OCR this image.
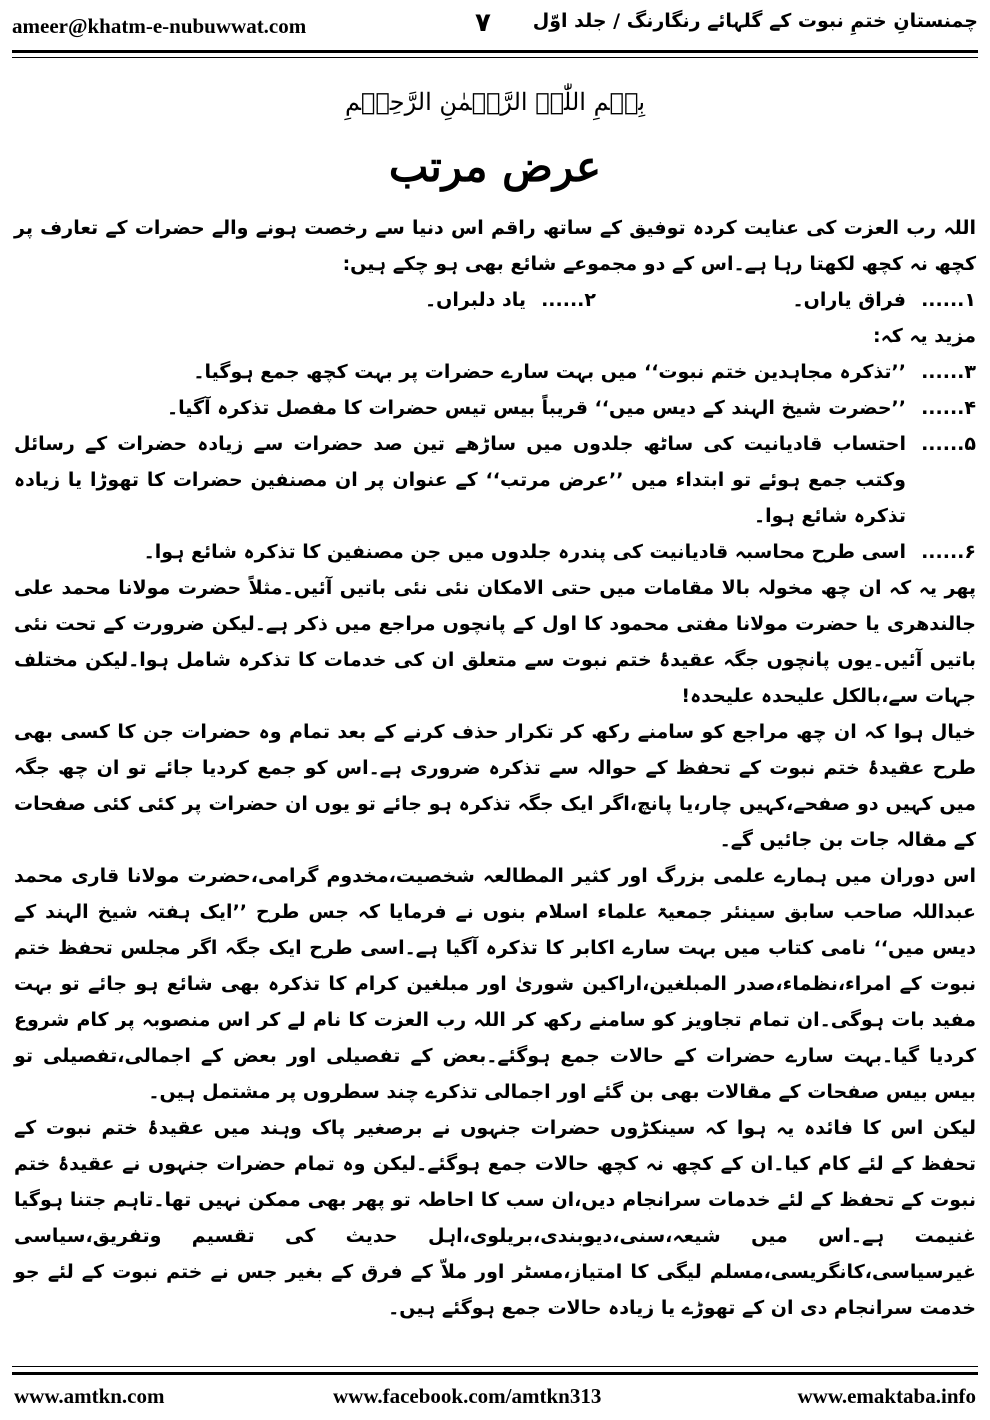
ameer@khatm-e-nubuwwat.com	۷ چمنستانِ ختمِ نبوت کے گلہائے رنگارنگ / جلد اوّل
بِسۡمِ اللّٰہِ الرَّحۡمٰنِ الرَّحِیۡمِ
عرض مرتب

اللہ رب العزت کی عنایت کردہ توفیق کے ساتھ راقم اس دنیا سے رخصت ہونے والے حضرات کے تعارف پر کچھ نہ کچھ لکھتا رہا ہے۔اس کے دو مجموعے شائع بھی ہو چکے ہیں:

۱......
فراق یاراں۔
۲......
یاد دلبراں۔

مزید یہ کہ:

۳......
’’تذکرہ مجاہدین ختم نبوت‘‘ میں بہت سارے حضرات پر بہت کچھ جمع ہوگیا۔
۴......
’’حضرت شیخ الہند کے دیس میں‘‘ قریباً بیس تیس حضرات کا مفصل تذکرہ آگیا۔
۵......
احتساب قادیانیت کی ساٹھ جلدوں میں ساڑھے تین صد حضرات سے زیادہ حضرات کے رسائل وکتب جمع ہوئے تو ابتداء میں ’’عرض مرتب‘‘ کے عنوان پر ان مصنفین حضرات کا تھوڑا یا زیادہ تذکرہ شائع ہوا۔
۶......
اسی طرح محاسبہ قادیانیت کی پندرہ جلدوں میں جن مصنفین کا تذکرہ شائع ہوا۔

پھر یہ کہ ان چھ مخولہ بالا مقامات میں حتی الامکان نئی نئی باتیں آئیں۔مثلاً حضرت مولانا محمد علی جالندھری یا حضرت مولانا مفتی محمود کا اول کے پانچوں مراجع میں ذکر ہے۔لیکن ضرورت کے تحت نئی باتیں آئیں۔یوں پانچوں جگہ عقیدۂ ختم نبوت سے متعلق ان کی خدمات کا تذکرہ شامل ہوا۔لیکن مختلف جہات سے،بالکل علیحدہ علیحدہ!

خیال ہوا کہ ان چھ مراجع کو سامنے رکھ کر تکرار حذف کرنے کے بعد تمام وہ حضرات جن کا کسی بھی طرح عقیدۂ ختم نبوت کے تحفظ کے حوالہ سے تذکرہ ضروری ہے۔اس کو جمع کردیا جائے تو ان چھ جگہ میں کہیں دو صفحے،کہیں چار،یا پانچ،اگر ایک جگہ تذکرہ ہو جائے تو یوں ان حضرات پر کئی کئی صفحات کے مقالہ جات بن جائیں گے۔

اس دوران میں ہمارے علمی بزرگ اور کثیر المطالعہ شخصیت،مخدوم گرامی،حضرت مولانا قاری محمد عبداللہ صاحب سابق سینئر جمعیۃ علماء اسلام بنوں نے فرمایا کہ جس طرح ’’ایک ہفتہ شیخ الہند کے دیس میں‘‘ نامی کتاب میں بہت سارے اکابر کا تذکرہ آگیا ہے۔اسی طرح ایک جگہ اگر مجلس تحفظ ختم نبوت کے امراء،نظماء،صدر المبلغین،اراکین شوریٰ اور مبلغین کرام کا تذکرہ بھی شائع ہو جائے تو بہت مفید بات ہوگی۔ان تمام تجاویز کو سامنے رکھ کر اللہ رب العزت کا نام لے کر اس منصوبہ پر کام شروع کردیا گیا۔بہت سارے حضرات کے حالات جمع ہوگئے۔بعض کے تفصیلی اور بعض کے اجمالی،تفصیلی تو بیس بیس صفحات کے مقالات بھی بن گئے اور اجمالی تذکرے چند سطروں پر مشتمل ہیں۔

لیکن اس کا فائدہ یہ ہوا کہ سینکڑوں حضرات جنہوں نے برصغیر پاک وہند میں عقیدۂ ختم نبوت کے تحفظ کے لئے کام کیا۔ان کے کچھ نہ کچھ حالات جمع ہوگئے۔لیکن وہ تمام حضرات جنہوں نے عقیدۂ ختم نبوت کے تحفظ کے لئے خدمات سرانجام دیں،ان سب کا احاطہ تو پھر بھی ممکن نہیں تھا۔تاہم جتنا ہوگیا غنیمت ہے۔اس میں شیعہ،سنی،دیوبندی،بریلوی،اہل حدیث کی تقسیم وتفریق،سیاسی غیرسیاسی،کانگریسی،مسلم لیگی کا امتیاز،مسٹر اور ملاّ کے فرق کے بغیر جس نے ختم نبوت کے لئے جو خدمت سرانجام دی ان کے تھوڑے یا زیادہ حالات جمع ہوگئے ہیں۔

www.amtkn.com	www.facebook.com/amtkn313	www.emaktaba.info
